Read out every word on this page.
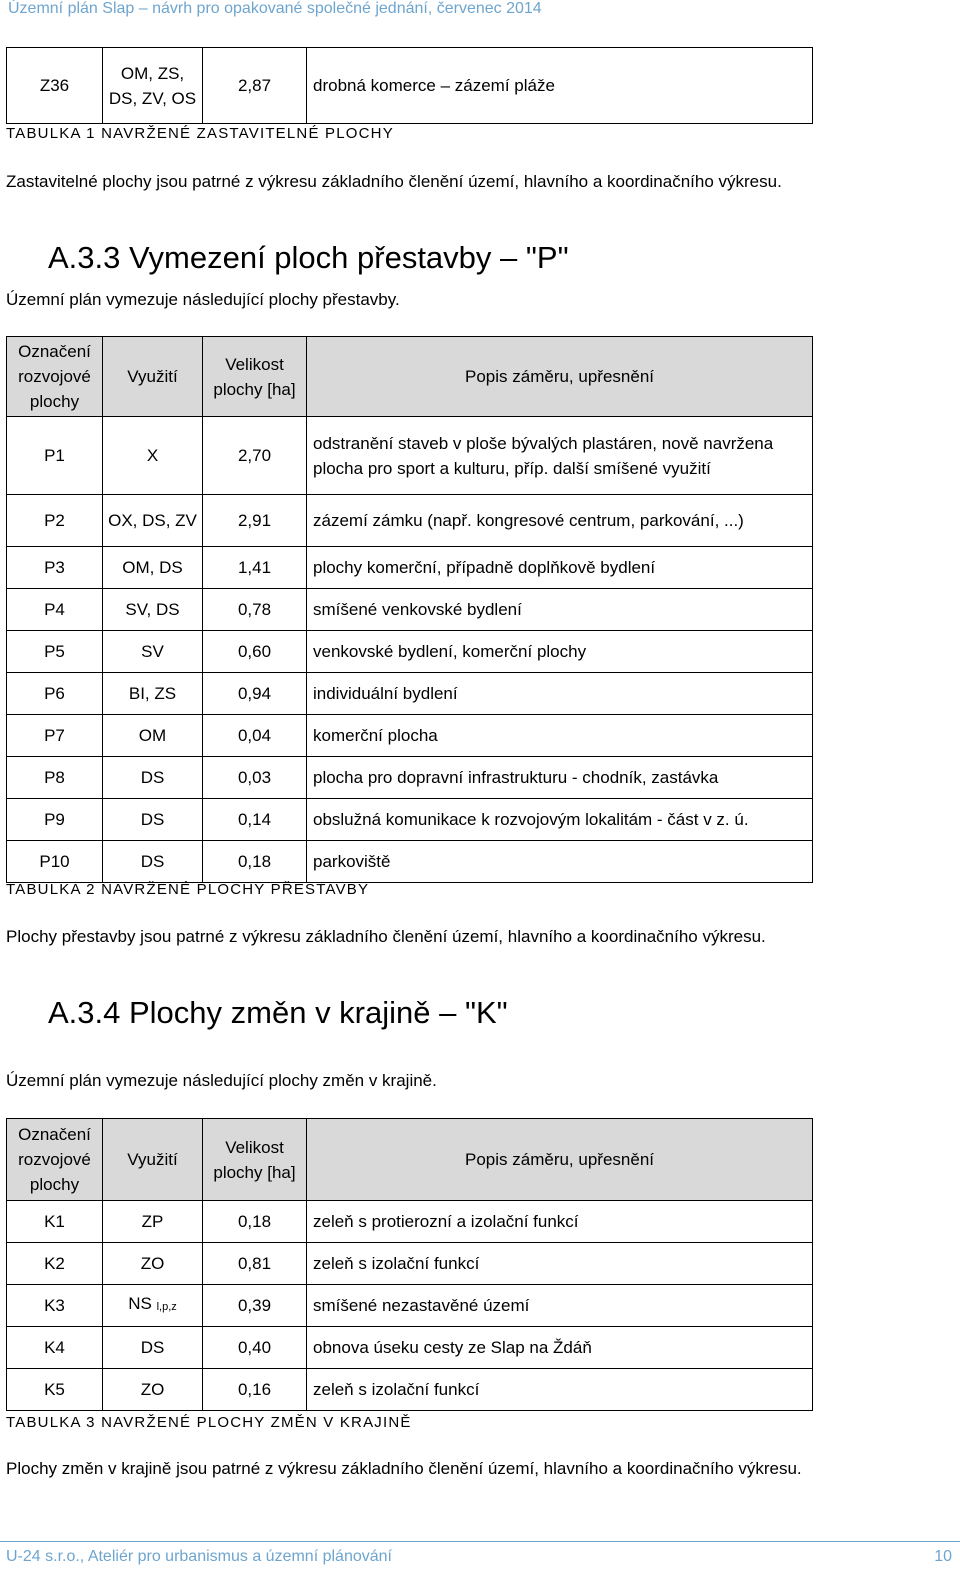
Územní plán Slap – návrh pro opakované společné jednání, červenec 2014
Z36	OM, ZS, DS, ZV, OS	2,87	drobná komerce – zázemí pláže
TABULKA 1 NAVRŽENÉ ZASTAVITELNÉ PLOCHY
Zastavitelné plochy jsou patrné z výkresu základního členění území, hlavního a koordinačního výkresu.
A.3.3 Vymezení ploch přestavby – "P"
Územní plán vymezuje následující plochy přestavby.
Označení rozvojové plochy	Využití	Velikost plochy [ha]	Popis záměru, upřesnění
P1	X	2,70	odstranění staveb v ploše bývalých plastáren, nově navržena plocha pro sport a kulturu, příp. další smíšené využití
P2	OX, DS, ZV	2,91	zázemí zámku (např. kongresové centrum, parkování, ...)
P3	OM, DS	1,41	plochy komerční, případně doplňkově bydlení
P4	SV, DS	0,78	smíšené venkovské bydlení
P5	SV	0,60	venkovské bydlení, komerční plochy
P6	BI, ZS	0,94	individuální bydlení
P7	OM	0,04	komerční plocha
P8	DS	0,03	plocha pro dopravní infrastrukturu - chodník, zastávka
P9	DS	0,14	obslužná komunikace k rozvojovým lokalitám - část v z. ú.
P10	DS	0,18	parkoviště
TABULKA 2 NAVRŽENÉ PLOCHY PŘESTAVBY
Plochy přestavby jsou patrné z výkresu základního členění území, hlavního a koordinačního výkresu.
A.3.4 Plochy změn v krajině – "K"
Územní plán vymezuje následující plochy změn v krajině.
Označení rozvojové plochy	Využití	Velikost plochy [ha]	Popis záměru, upřesnění
K1	ZP	0,18	zeleň s protierozní a izolační funkcí
K2	ZO	0,81	zeleň s izolační funkcí
K3	NS $_{l,p,z}$	0,39	smíšené nezastavěné území
K4	DS	0,40	obnova úseku cesty ze Slap na Ždáň
K5	ZO	0,16	zeleň s izolační funkcí
TABULKA 3 NAVRŽENÉ PLOCHY ZMĚN V KRAJINĚ
Plochy změn v krajině jsou patrné z výkresu základního členění území, hlavního a koordinačního výkresu.
U-24 s.r.o., Ateliér pro urbanismus a územní plánování	10
